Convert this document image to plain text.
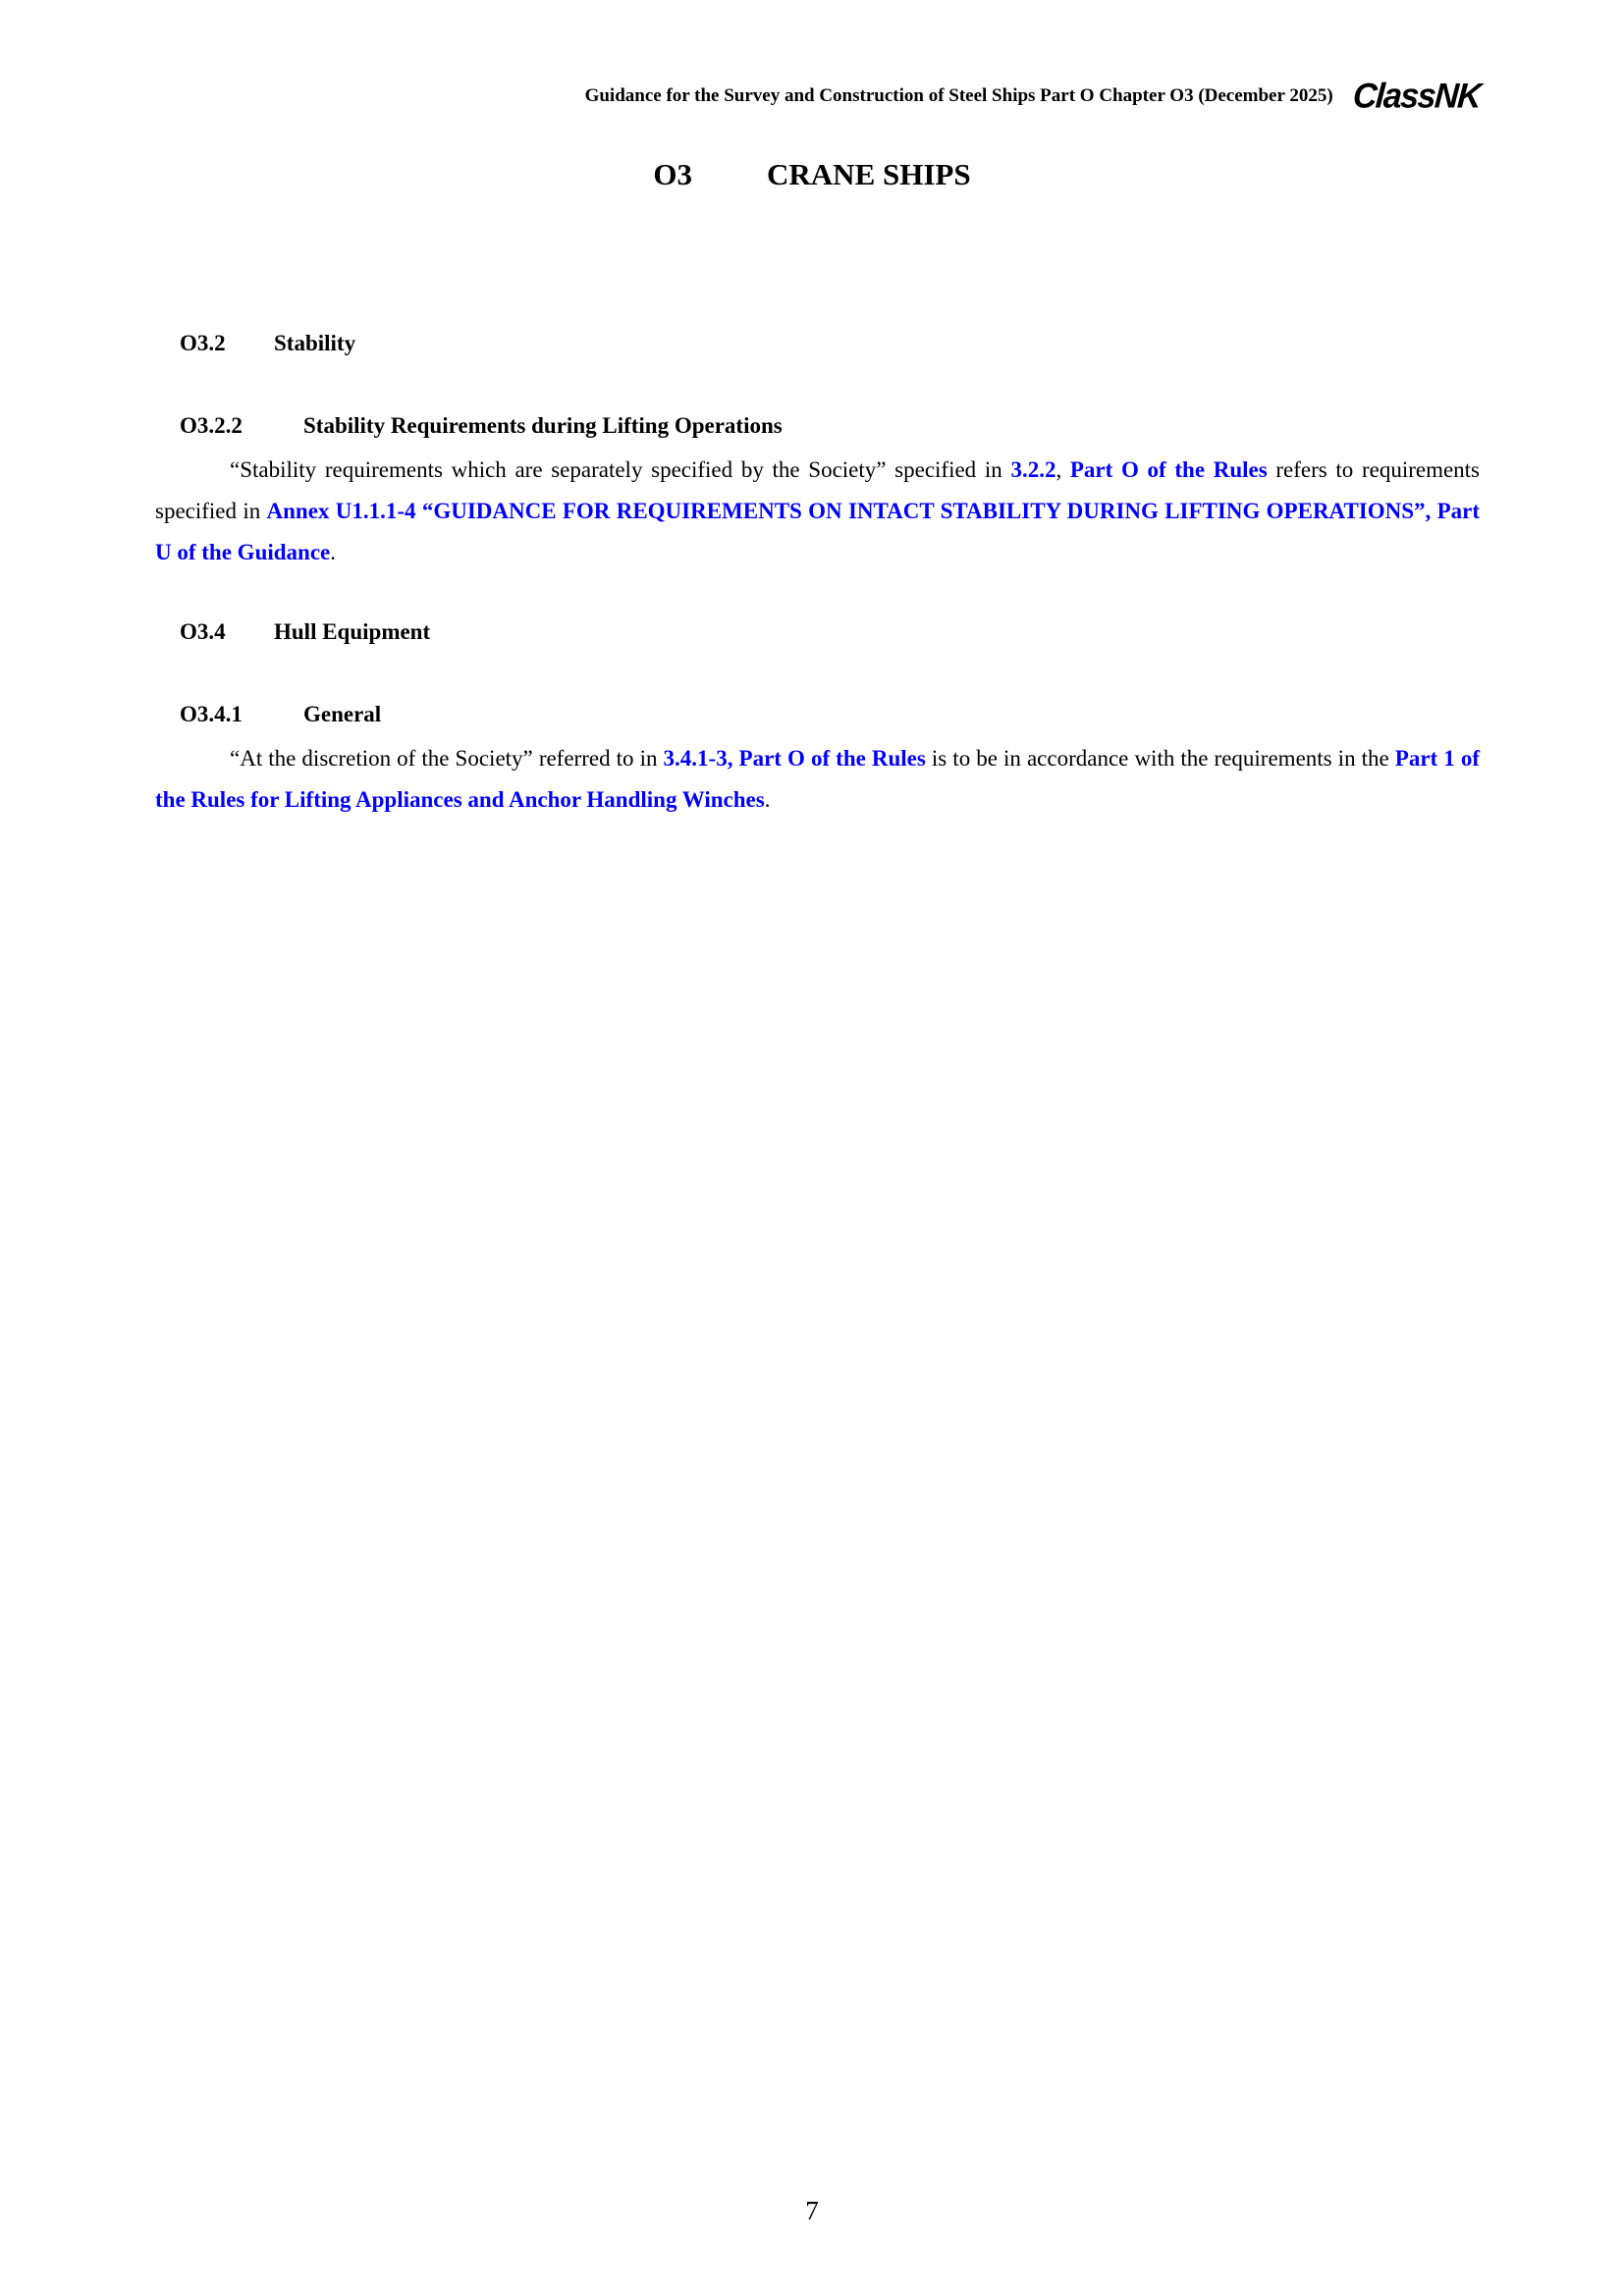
Guidance for the Survey and Construction of Steel Ships Part O Chapter O3 (December 2025) ClassNK
O3 CRANE SHIPS
O3.2 Stability
O3.2.2	Stability Requirements during Lifting Operations

“Stability requirements which are separately specified by the Society” specified in 3.2.2, Part O of the Rules refers to requirements specified in Annex U1.1.1-4 “GUIDANCE FOR REQUIREMENTS ON INTACT STABILITY DURING LIFTING OPERATIONS”, Part U of the Guidance.

O3.4 Hull Equipment
O3.4.1	General

“At the discretion of the Society” referred to in 3.4.1-3, Part O of the Rules is to be in accordance with the requirements in the Part 1 of the Rules for Lifting Appliances and Anchor Handling Winches.

7
